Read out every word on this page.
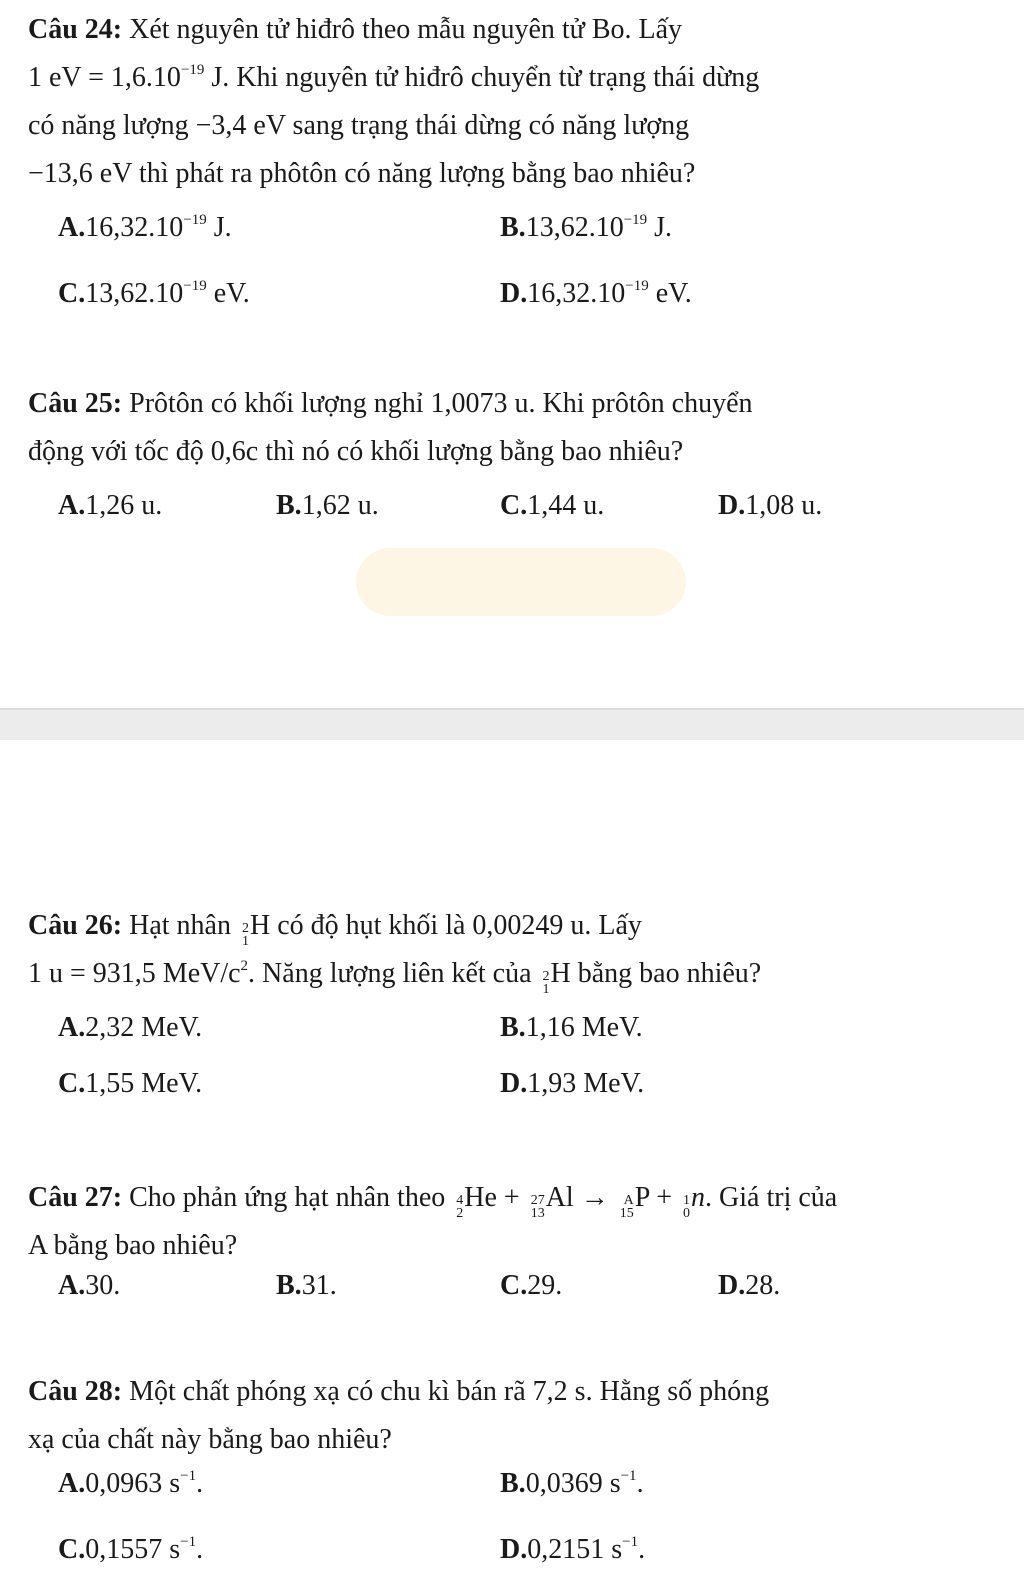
Câu 24: Xét nguyên tử hiđrô theo mẫu nguyên tử Bo. Lấy
1 eV = $1,6.10^{-19}$ J. Khi nguyên tử hiđrô chuyển từ trạng thái dừng
có năng lượng −3,4 eV sang trạng thái dừng có năng lượng
−13,6 eV thì phát ra phôtôn có năng lượng bằng bao nhiêu?
$A.16,32.10^{-19}$ J.	$B.13,62.10^{-19}$ J.
$C.13,62.10^{-19}$ eV.	$D.16,32.10^{-19}$ eV.
Câu 25: Prôtôn có khối lượng nghỉ 1,0073 u. Khi prôtôn chuyển
động với tốc độ 0,6c thì nó có khối lượng bằng bao nhiêu?
A.1,26 u.	B.1,62 u.	C.1,44 u.	D.1,08 u.
Câu 26: Hạt nhân 2
1
H có độ hụt khối là 0,00249 u. Lấy
1 u = 931,5 MeV/$c^2$. Năng lượng liên kết của 2
1
H bằng bao nhiêu?
A.2,32 MeV.	B.1,16 MeV.
C.1,55 MeV.	D.1,93 MeV.
Câu 27: Cho phản ứng hạt nhân theo 4
2
He + 27
13
Al → A
15
P + 1
0
n. Giá trị của
A bằng bao nhiêu?
A.30.	B.31.	C.29.	D.28.
Câu 28: Một chất phóng xạ có chu kì bán rã 7,2 s. Hằng số phóng
xạ của chất này bằng bao nhiêu?
A.0,0963 $s^{-1}$.	B.0,0369 $s^{-1}$.
C.0,1557 $s^{-1}$.	D.0,2151 $s^{-1}$.
